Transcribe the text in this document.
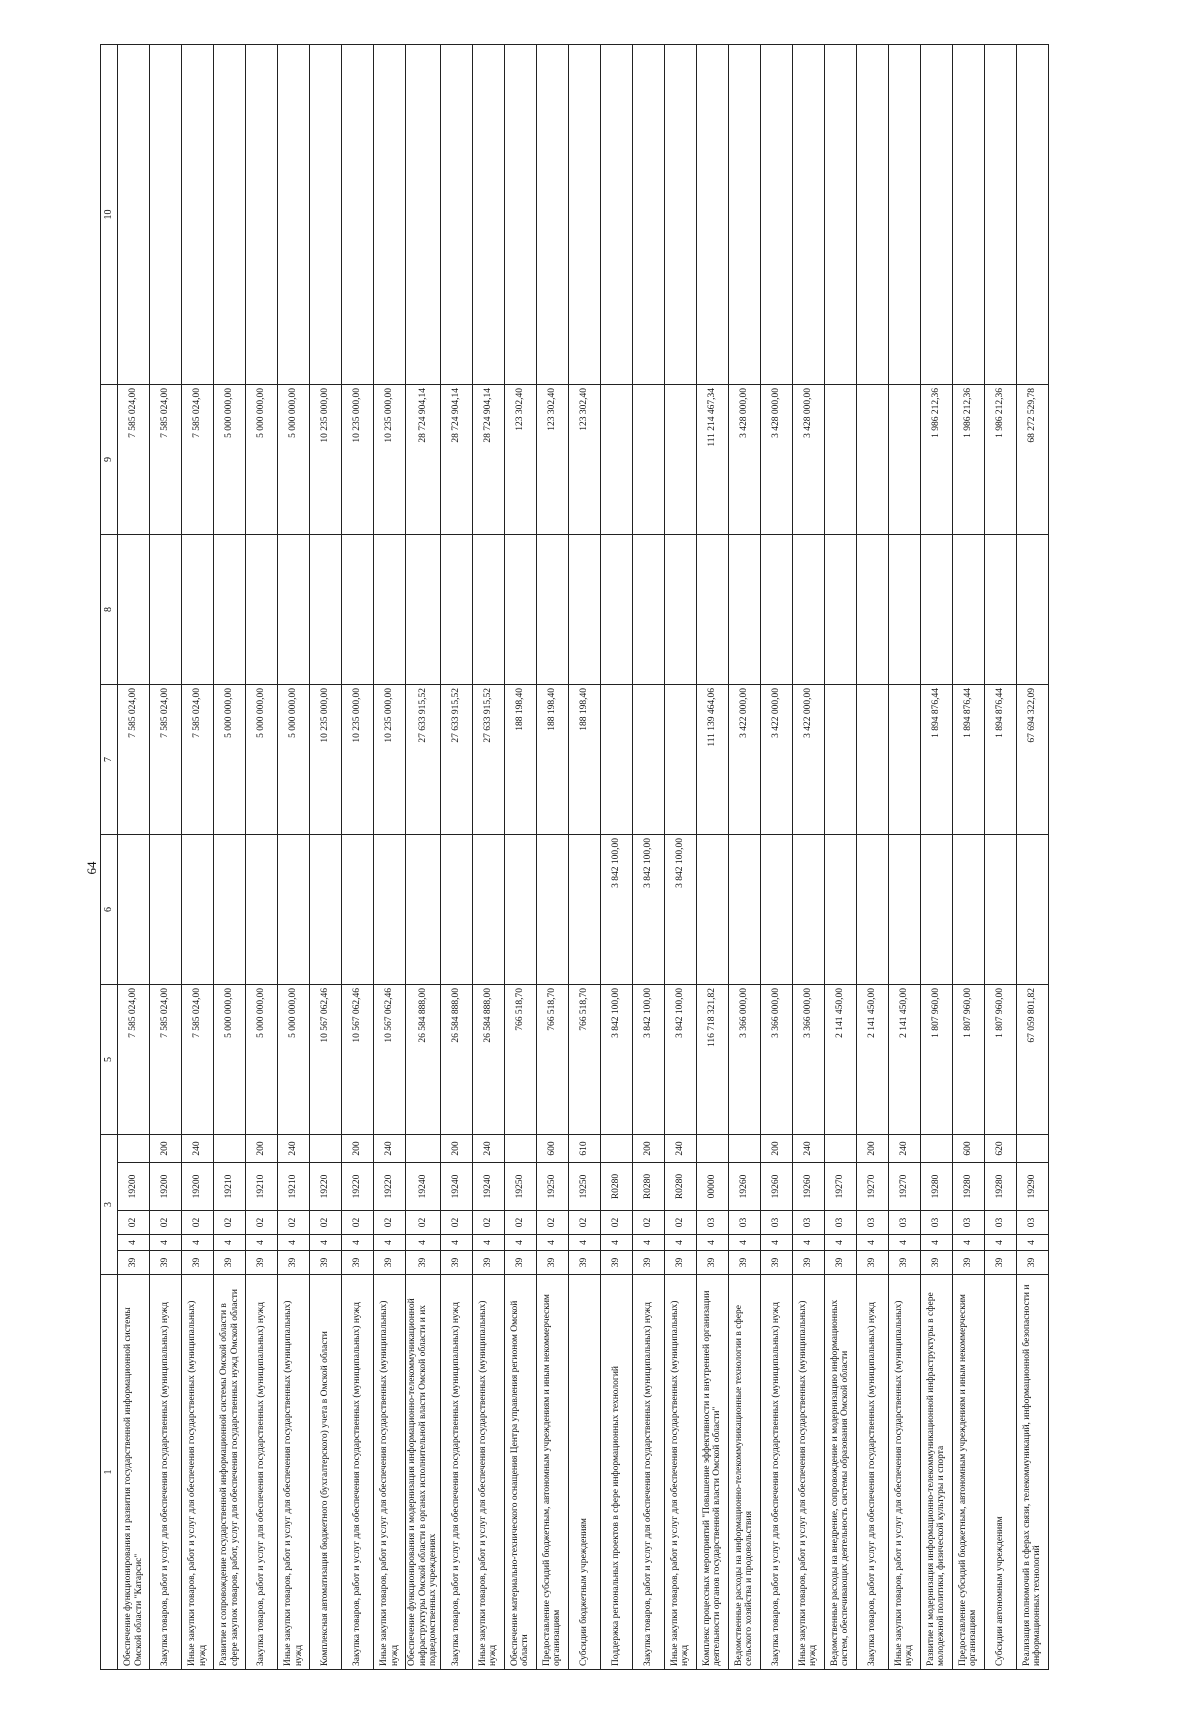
64
1	3					5	6	7	8	9	10
Обеспечение функционирования и развития государственной информационной системы Омской области "Катарсис"	39	4	02	19200		7 585 024,00		7 585 024,00		7 585 024,00	
Закупка товаров, работ и услуг для обеспечения государственных (муниципальных) нужд	39	4	02	19200	200	7 585 024,00		7 585 024,00		7 585 024,00	
Иные закупки товаров, работ и услуг для обеспечения государственных (муниципальных) нужд	39	4	02	19200	240	7 585 024,00		7 585 024,00		7 585 024,00	
Развитие и сопровождение государственной информационной системы Омской области в сфере закупок товаров, работ, услуг для обеспечения государственных нужд Омской области	39	4	02	19210		5 000 000,00		5 000 000,00		5 000 000,00	
Закупка товаров, работ и услуг для обеспечения государственных (муниципальных) нужд	39	4	02	19210	200	5 000 000,00		5 000 000,00		5 000 000,00	
Иные закупки товаров, работ и услуг для обеспечения государственных (муниципальных) нужд	39	4	02	19210	240	5 000 000,00		5 000 000,00		5 000 000,00	
Комплексная автоматизация бюджетного (бухгалтерского) учета в Омской области	39	4	02	19220		10 567 062,46		10 235 000,00		10 235 000,00	
Закупка товаров, работ и услуг для обеспечения государственных (муниципальных) нужд	39	4	02	19220	200	10 567 062,46		10 235 000,00		10 235 000,00	
Иные закупки товаров, работ и услуг для обеспечения государственных (муниципальных) нужд	39	4	02	19220	240	10 567 062,46		10 235 000,00		10 235 000,00	
Обеспечение функционирования и модернизация информационно-телекоммуникационной инфраструктуры Омской области в органах исполнительной власти Омской области и их подведомственных учреждениях	39	4	02	19240		26 584 888,00		27 633 915,52		28 724 904,14	
Закупка товаров, работ и услуг для обеспечения государственных (муниципальных) нужд	39	4	02	19240	200	26 584 888,00		27 633 915,52		28 724 904,14	
Иные закупки товаров, работ и услуг для обеспечения государственных (муниципальных) нужд	39	4	02	19240	240	26 584 888,00		27 633 915,52		28 724 904,14	
Обеспечение материально-технического оснащения Центра управления регионом Омской области	39	4	02	19250		766 518,70		188 198,40		123 302,40	
Предоставление субсидий бюджетным, автономным учреждениям и иным некоммерческим организациям	39	4	02	19250	600	766 518,70		188 198,40		123 302,40	
Субсидии бюджетным учреждениям	39	4	02	19250	610	766 518,70		188 198,40		123 302,40	
Поддержка региональных проектов в сфере информационных технологий	39	4	02	R0280		3 842 100,00	3 842 100,00				
Закупка товаров, работ и услуг для обеспечения государственных (муниципальных) нужд	39	4	02	R0280	200	3 842 100,00	3 842 100,00				
Иные закупки товаров, работ и услуг для обеспечения государственных (муниципальных) нужд	39	4	02	R0280	240	3 842 100,00	3 842 100,00				
Комплекс процессных мероприятий "Повышение эффективности и внутренней организации деятельности органов государственной власти Омской области"	39	4	03	00000		116 718 321,82		111 139 464,06		111 214 467,34	
Ведомственные расходы на информационно-телекоммуникационные технологии в сфере сельского хозяйства и продовольствия	39	4	03	19260		3 366 000,00		3 422 000,00		3 428 000,00	
Закупка товаров, работ и услуг для обеспечения государственных (муниципальных) нужд	39	4	03	19260	200	3 366 000,00		3 422 000,00		3 428 000,00	
Иные закупки товаров, работ и услуг для обеспечения государственных (муниципальных) нужд	39	4	03	19260	240	3 366 000,00		3 422 000,00		3 428 000,00	
Ведомственные расходы на внедрение, сопровождение и модернизацию информационных систем, обеспечивающих деятельность системы образования Омской области	39	4	03	19270		2 141 450,00					
Закупка товаров, работ и услуг для обеспечения государственных (муниципальных) нужд	39	4	03	19270	200	2 141 450,00					
Иные закупки товаров, работ и услуг для обеспечения государственных (муниципальных) нужд	39	4	03	19270	240	2 141 450,00					
Развитие и модернизация информационно-телекоммуникационной инфраструктуры в сфере молодежной политики, физической культуры и спорта	39	4	03	19280		1 807 960,00		1 894 876,44		1 986 212,36	
Предоставление субсидий бюджетным, автономным учреждениям и иным некоммерческим организациям	39	4	03	19280	600	1 807 960,00		1 894 876,44		1 986 212,36	
Субсидии автономным учреждениям	39	4	03	19280	620	1 807 960,00		1 894 876,44		1 986 212,36	
Реализация полномочий в сферах связи, телекоммуникаций, информационной безопасности и информационных технологий	39	4	03	19290		67 059 801,82		67 694 322,09		68 272 529,78	
